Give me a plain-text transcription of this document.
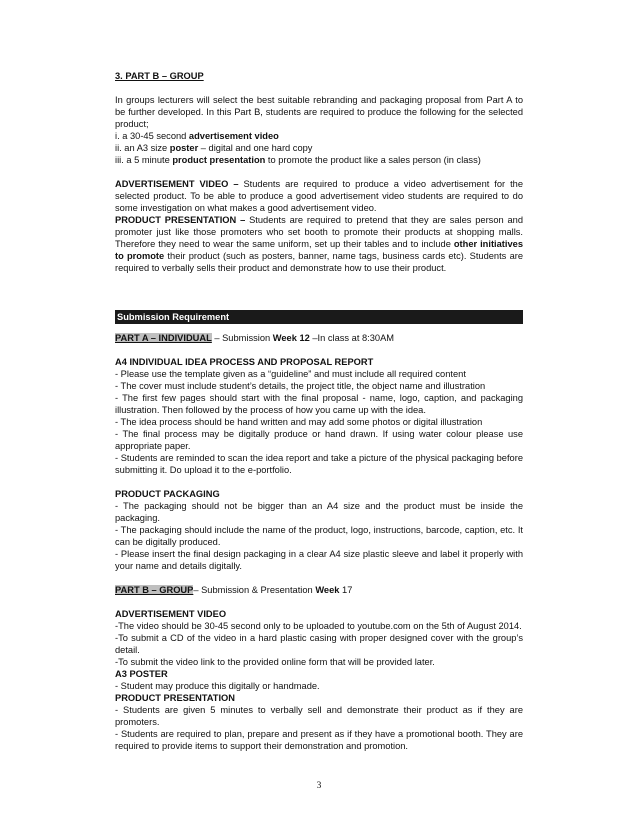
3. PART B – GROUP

In groups lecturers will select the best suitable rebranding and packaging proposal from Part A to be further developed. In this Part B, students are required to produce the following for the selected product;

i. a 30-45 second advertisement video

ii. an A3 size poster – digital and one hard copy

iii. a 5 minute product presentation to promote the product like a sales person (in class)

ADVERTISEMENT VIDEO – Students are required to produce a video advertisement for the selected product. To be able to produce a good advertisement video students are required to do some investigation on what makes a good advertisement video.

PRODUCT PRESENTATION – Students are required to pretend that they are sales person and promoter just like those promoters who set booth to promote their products at shopping malls. Therefore they need to wear the same uniform, set up their tables and to include other initiatives to promote their product (such as posters, banner, name tags, business cards etc). Students are required to verbally sells their product and demonstrate how to use their product.

Submission Requirement

PART A – INDIVIDUAL – Submission Week 12 –In class at 8:30AM

A4 INDIVIDUAL IDEA PROCESS AND PROPOSAL REPORT

- Please use the template given as a “guideline” and must include all required content

- The cover must include student’s details, the project title, the object name and illustration

- The first few pages should start with the final proposal - name, logo, caption, and packaging illustration. Then followed by the process of how you came up with the idea.

- The idea process should be hand written and may add some photos or digital illustration

- The final process may be digitally produce or hand drawn. If using water colour please use appropriate paper.

- Students are reminded to scan the idea report and take a picture of the physical packaging before submitting it. Do upload it to the e-portfolio.

PRODUCT PACKAGING

- The packaging should not be bigger than an A4 size and the product must be inside the packaging.

- The packaging should include the name of the product, logo, instructions, barcode, caption, etc. It can be digitally produced.

- Please insert the final design packaging in a clear A4 size plastic sleeve and label it properly with your name and details digitally.

PART B – GROUP– Submission & Presentation Week 17

ADVERTISEMENT VIDEO

-The video should be 30-45 second only to be uploaded to youtube.com on the 5th of August 2014.

-To submit a CD of the video in a hard plastic casing with proper designed cover with the group’s detail.

-To submit the video link to the provided online form that will be provided later.

A3 POSTER

- Student may produce this digitally or handmade.

PRODUCT PRESENTATION

- Students are given 5 minutes to verbally sell and demonstrate their product as if they are promoters.

- Students are required to plan, prepare and present as if they have a promotional booth. They are required to provide items to support their demonstration and promotion.

3
